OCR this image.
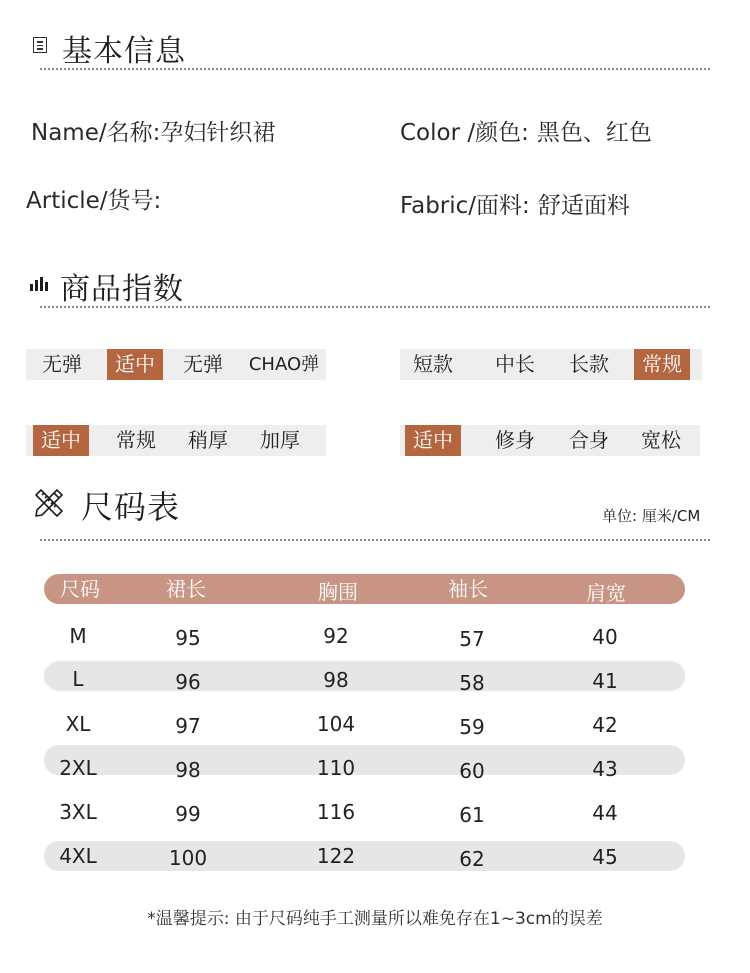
基本信息
Name/名称:孕妇针织裙	Color /颜色: 黑色、红色
Article/货号:	Fabric/面料: 舒适面料
商品指数
无弹	适中	无弹	CHAO弹	短款	中长	长款	常规
适中	常规	稍厚	加厚	适中	修身	合身	宽松
尺码表	单位: 厘米/CM
尺码	裙长	胸围	袖长	肩宽
M	95	92	57	40
L	96	98	58	41
XL	97	104	59	42
2XL	98	110	60	43
3XL	99	116	61	44
4XL	100	122	62	45
*温馨提示: 由于尺码纯手工测量所以难免存在1~3cm的误差
